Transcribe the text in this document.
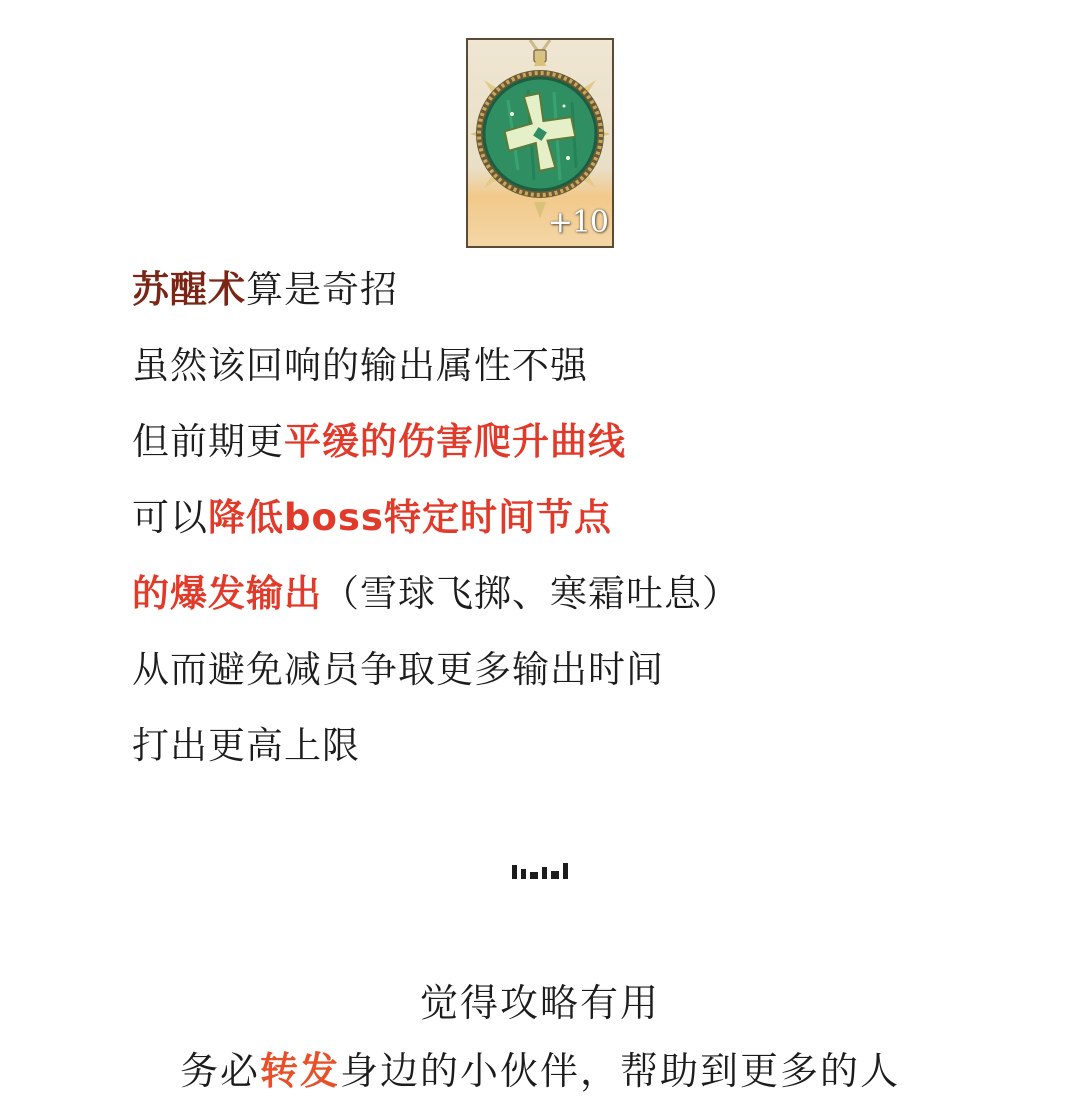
+10
苏醒术算是奇招
虽然该回响的输出属性不强
但前期更平缓的伤害爬升曲线
可以降低boss特定时间节点
的爆发输出（雪球飞掷、寒霜吐息）
从而避免减员争取更多输出时间
打出更高上限
觉得攻略有用
务必转发身边的小伙伴，帮助到更多的人
